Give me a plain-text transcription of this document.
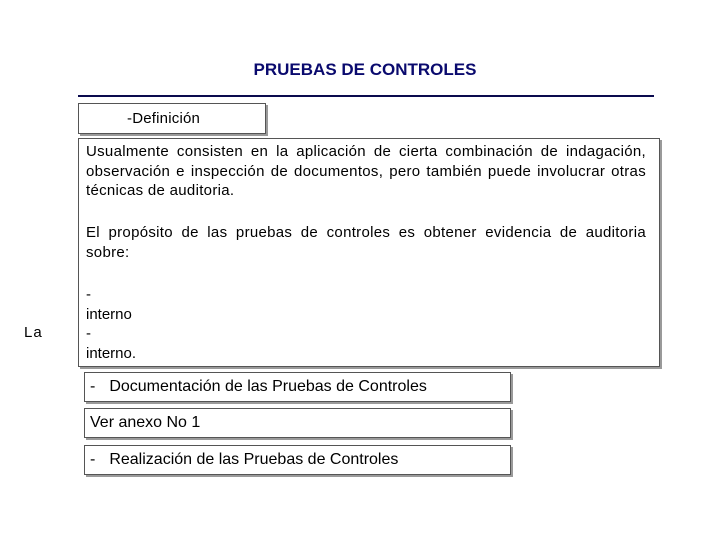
PRUEBAS DE CONTROLES
-Definición

Usualmente consisten en la aplicación de cierta combinación de indagación, observación e inspección de documentos, pero también puede involucrar otras técnicas de auditoria.

El propósito de las pruebas de controles es obtener evidencia de auditoria sobre:

-
interno
-
interno.
La
- Documentación de las Pruebas de Controles
Ver anexo No 1
- Realización de las Pruebas de Controles
